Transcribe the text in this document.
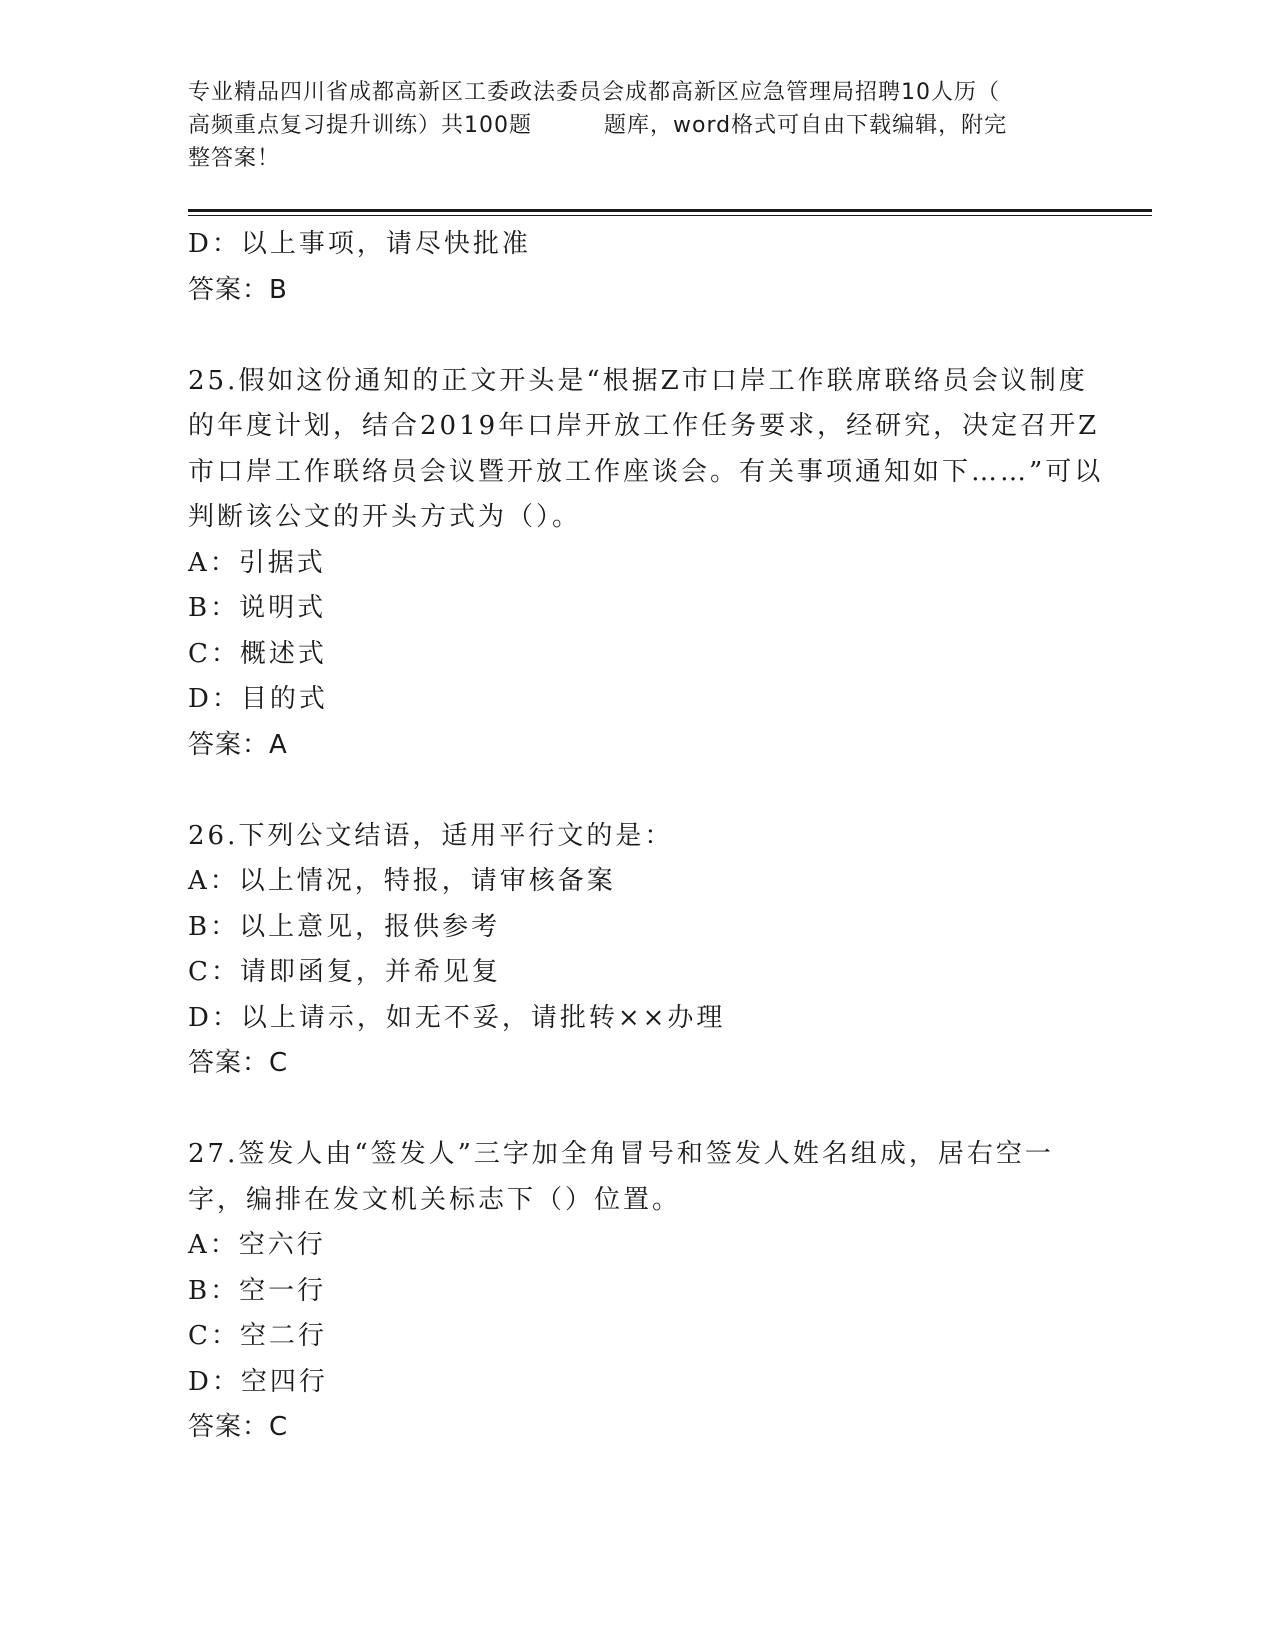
专业精品四川省成都高新区工委政法委员会成都高新区应急管理局招聘10人历（
高频重点复习提升训练）共100题	题库，word格式可自由下载编辑，附完
整答案！
D：以上事项，请尽快批准
答案：B
25.假如这份通知的正文开头是“根据Z市口岸工作联席联络员会议制度的年度计划，结合2019年口岸开放工作任务要求，经研究，决定召开Z市口岸工作联络员会议暨开放工作座谈会。有关事项通知如下……”可以判断该公文的开头方式为（）。
A：引据式
B：说明式
C：概述式
D：目的式
答案：A
26.下列公文结语，适用平行文的是：
A：以上情况，特报，请审核备案
B：以上意见，报供参考
C：请即函复，并希见复
D：以上请示，如无不妥，请批转××办理
答案：C
27.签发人由“签发人”三字加全角冒号和签发人姓名组成，居右空一字，编排在发文机关标志下（）位置。
A：空六行
B：空一行
C：空二行
D：空四行
答案：C
